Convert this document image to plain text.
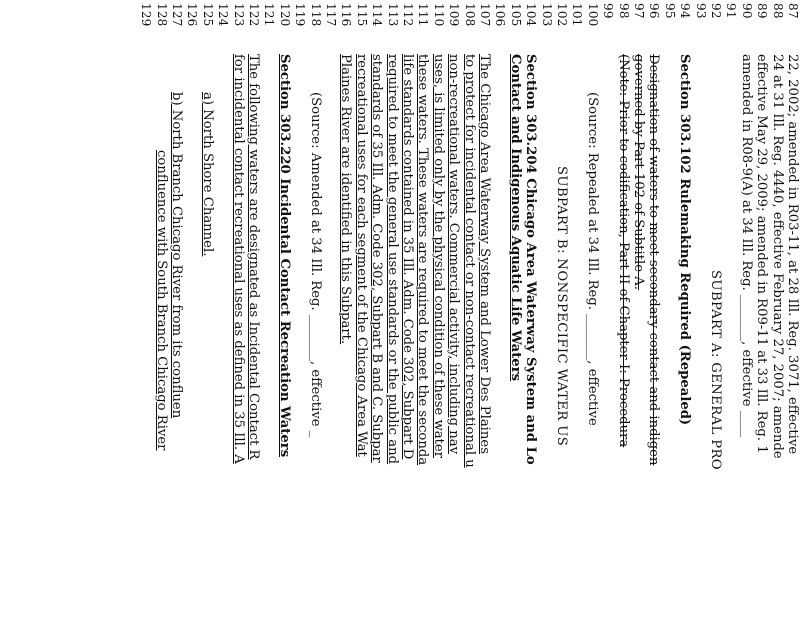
87
22, 2002; amended in R03-11, at 28 Ill. Reg. 3071, effective
88
24 at 31 Ill. Reg. 4440, effective February 27, 2007; amende
89
effective May 29, 2009; amended in R09-11 at 33 Ill. Reg. 1
90
amended in R08-9(A) at 34 Ill. Reg. _______, effective ____
91
92
SUBPART A: GENERAL PRO
93
94
Section 303.102 Rulemaking Required (Repealed)
95
96
Designation of waters to meet secondary contact and indigen
97
governed by Part 102 of Subtitle A.
98
(Note: Prior to codification, Part II of Chapter I: Procedura
99
100
(Source: Repealed at 34 Ill. Reg. _______, effective
101
102
SUBPART B: NONSPECIFIC WATER US
103
104
Section 303.204 Chicago Area Waterway System and Lo
105
Contact and Indigenous Aquatic Life Waters
106
107
The Chicago Area Waterway System and Lower Des Plaines
108
to protect for incidental contact or non-contact recreational u
109
non-recreational waters. Commercial activity, including nav
110
uses, is limited only by the physical condition of these water
111
these waters. These waters are required to meet the seconda
112
life standards contained in 35 Ill. Adm. Code 302, Subpart D
113
required to meet the general use standards or the public and
114
standards of 35 Ill. Adm. Code 302, Subpart B and C. Subpar
115
recreational uses for each segment of the Chicago Area Wat
116
Plaines River are identified in this Subpart.
117
118
(Source: Amended at 34 Ill. Reg. _______, effective _
119
120
Section 303.220 Incidental Contact Recreation Waters
121
122
The following waters are designated as Incidental Contact R
123
for incidental contact recreational uses as defined in 35 Ill. A
124
125
a) North Shore Channel.
126
127
b) North Branch Chicago River from its confluen
128
confluence with South Branch Chicago River
129
